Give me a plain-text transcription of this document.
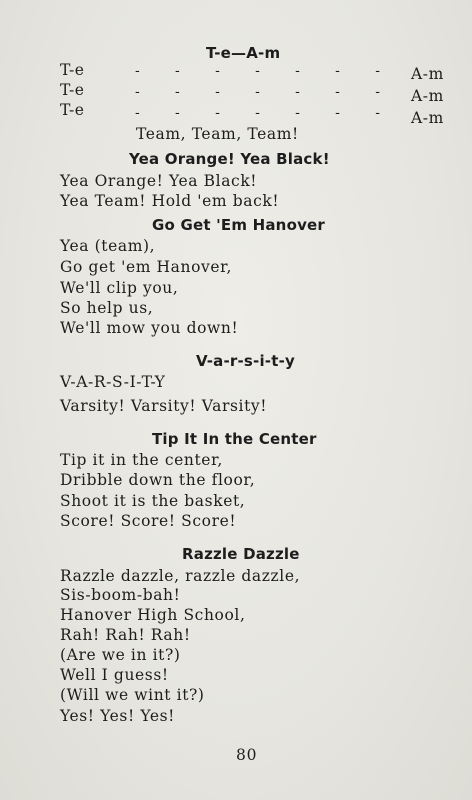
T-e—A-m
T-e	-	-	-	-	-	-	- A-m
T-e	-	-	-	-	-	-	- A-m
T-e	-	-	-	-	-	-	- A-m
Team, Team, Team!
Yea Orange! Yea Black!
Yea Orange! Yea Black!
Yea Team! Hold 'em back!
Go Get 'Em Hanover
Yea (team),
Go get 'em Hanover,
We'll clip you,
So help us,
We'll mow you down!
V-a-r-s-i-t-y
V-A-R-S-I-T-Y
Varsity! Varsity! Varsity!
Tip It In the Center
Tip it in the center,
Dribble down the floor,
Shoot it is the basket,
Score! Score! Score!
Razzle Dazzle
Razzle dazzle, razzle dazzle,
Sis-boom-bah!
Hanover High School,
Rah! Rah! Rah!
(Are we in it?)
Well I guess!
(Will we wint it?)
Yes! Yes! Yes!
80
